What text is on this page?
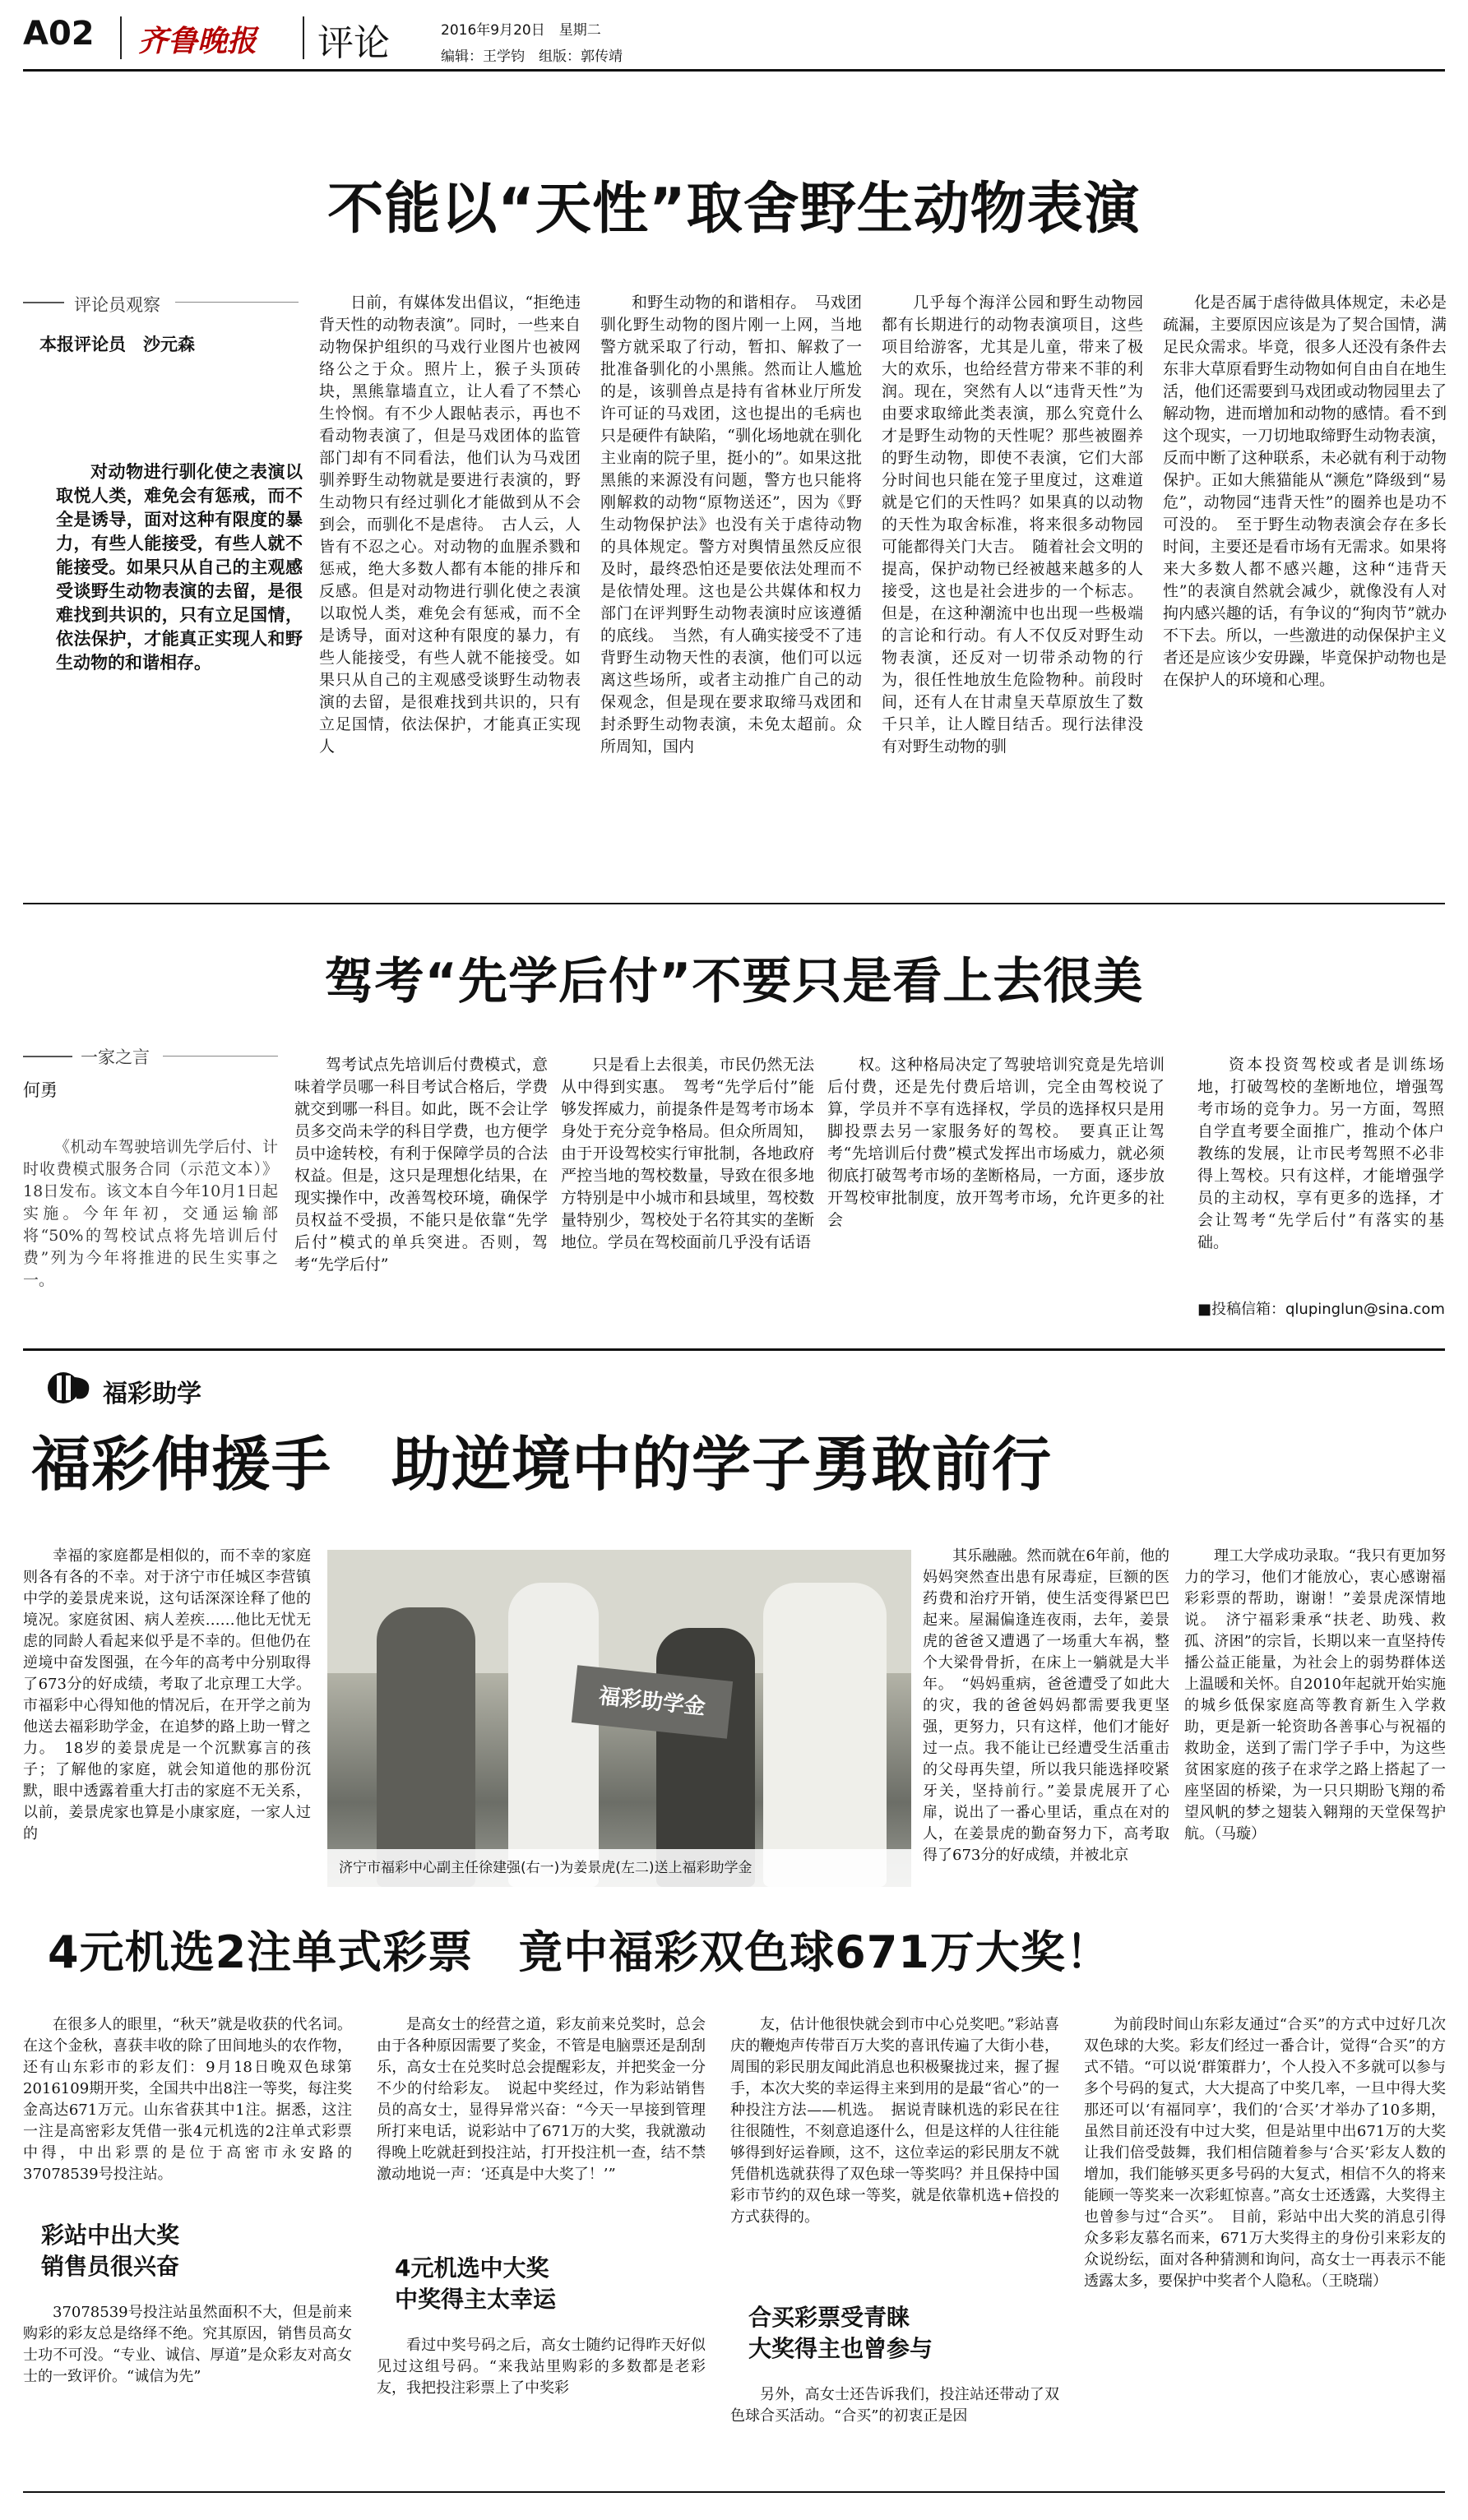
A02 齐鲁晚报 评论	2016年9月20日　星期二
编辑：王学钧　组版：郭传靖
不能以“天性”取舍野生动物表演
评论员观察
本报评论员　沙元森
对动物进行驯化使之表演以取悦人类，难免会有惩戒，而不全是诱导，面对这种有限度的暴力，有些人能接受，有些人就不能接受。如果只从自己的主观感受谈野生动物表演的去留，是很难找到共识的，只有立足国情，依法保护，才能真正实现人和野生动物的和谐相存。
日前，有媒体发出倡议，“拒绝违背天性的动物表演”。同时，一些来自动物保护组织的马戏行业图片也被网络公之于众。照片上，猴子头顶砖块，黑熊靠墙直立，让人看了不禁心生怜悯。有不少人跟帖表示，再也不看动物表演了，但是马戏团体的监管部门却有不同看法，他们认为马戏团驯养野生动物就是要进行表演的，野生动物只有经过驯化才能做到从不会到会，而驯化不是虐待。　古人云，人皆有不忍之心。对动物的血腥杀戮和惩戒，绝大多数人都有本能的排斥和反感。但是对动物进行驯化使之表演以取悦人类，难免会有惩戒，而不全是诱导，面对这种有限度的暴力，有些人能接受，有些人就不能接受。如果只从自己的主观感受谈野生动物表演的去留，是很难找到共识的，只有立足国情，依法保护，才能真正实现人
和野生动物的和谐相存。　马戏团驯化野生动物的图片刚一上网，当地警方就采取了行动，暂扣、解救了一批准备驯化的小黑熊。然而让人尴尬的是，该驯兽点是持有省林业厅所发许可证的马戏团，这也提出的毛病也只是硬件有缺陷，“驯化场地就在驯化主业南的院子里，挺小的”。如果这批黑熊的来源没有问题，警方也只能将刚解救的动物“原物送还”，因为《野生动物保护法》也没有关于虐待动物的具体规定。警方对舆情虽然反应很及时，最终恐怕还是要依法处理而不是依情处理。这也是公共媒体和权力部门在评判野生动物表演时应该遵循的底线。　当然，有人确实接受不了违背野生动物天性的表演，他们可以远离这些场所，或者主动推广自己的动保观念，但是现在要求取缔马戏团和封杀野生动物表演，未免太超前。众所周知，国内
几乎每个海洋公园和野生动物园都有长期进行的动物表演项目，这些项目给游客，尤其是儿童，带来了极大的欢乐，也给经营方带来不菲的利润。现在，突然有人以“违背天性”为由要求取缔此类表演，那么究竟什么才是野生动物的天性呢？那些被圈养的野生动物，即使不表演，它们大部分时间也只能在笼子里度过，这难道就是它们的天性吗？如果真的以动物的天性为取舍标准，将来很多动物园可能都得关门大吉。　随着社会文明的提高，保护动物已经被越来越多的人接受，这也是社会进步的一个标志。但是，在这种潮流中也出现一些极端的言论和行动。有人不仅反对野生动物表演，还反对一切带杀动物的行为，很任性地放生危险物种。前段时间，还有人在甘肃皇天草原放生了数千只羊，让人瞠目结舌。现行法律没有对野生动物的驯
化是否属于虐待做具体规定，未必是疏漏，主要原因应该是为了契合国情，满足民众需求。毕竟，很多人还没有条件去东非大草原看野生动物如何自由自在地生活，他们还需要到马戏团或动物园里去了解动物，进而增加和动物的感情。看不到这个现实，一刀切地取缔野生动物表演，反而中断了这种联系，未必就有利于动物保护。正如大熊猫能从“濒危”降级到“易危”，动物园“违背天性”的圈养也是功不可没的。　至于野生动物表演会存在多长时间，主要还是看市场有无需求。如果将来大多数人都不感兴趣，这种“违背天性”的表演自然就会减少，就像没有人对拘内感兴趣的话，有争议的“狗肉节”就办不下去。所以，一些激进的动保保护主义者还是应该少安毋躁，毕竟保护动物也是在保护人的环境和心理。
驾考“先学后付”不要只是看上去很美
一家之言
何勇
《机动车驾驶培训先学后付、计时收费模式服务合同（示范文本）》18日发布。该文本自今年10月1日起实施。今年年初，交通运输部将“50%的驾校试点将先培训后付费”列为今年将推进的民生实事之一。
驾考试点先培训后付费模式，意味着学员哪一科目考试合格后，学费就交到哪一科目。如此，既不会让学员多交尚未学的科目学费，也方便学员中途转校，有利于保障学员的合法权益。但是，这只是理想化结果，在现实操作中，改善驾校环境，确保学员权益不受损，不能只是依靠“先学后付”模式的单兵突进。否则，驾考“先学后付”
只是看上去很美，市民仍然无法从中得到实惠。　驾考“先学后付”能够发挥威力，前提条件是驾考市场本身处于充分竞争格局。但众所周知，由于开设驾校实行审批制，各地政府严控当地的驾校数量，导致在很多地方特别是中小城市和县域里，驾校数量特别少，驾校处于名符其实的垄断地位。学员在驾校面前几乎没有话语
权。这种格局决定了驾驶培训究竟是先培训后付费，还是先付费后培训，完全由驾校说了算，学员并不享有选择权，学员的选择权只是用脚投票去另一家服务好的驾校。　要真正让驾考“先培训后付费”模式发挥出市场威力，就必须彻底打破驾考市场的垄断格局，一方面，逐步放开驾校审批制度，放开驾考市场，允许更多的社会
资本投资驾校或者是训练场地，打破驾校的垄断地位，增强驾考市场的竞争力。另一方面，驾照自学直考要全面推广，推动个体户教练的发展，让市民考驾照不必非得上驾校。只有这样，才能增强学员的主动权，享有更多的选择，才会让驾考“先学后付”有落实的基础。
■投稿信箱：qlupinglun@sina.com
福彩助学
福彩伸援手　助逆境中的学子勇敢前行
幸福的家庭都是相似的，而不幸的家庭则各有各的不幸。对于济宁市任城区李营镇中学的姜景虎来说，这句话深深诠释了他的境况。家庭贫困、病人差疾……他比无忧无虑的同龄人看起来似乎是不幸的。但他仍在逆境中奋发图强，在今年的高考中分别取得了673分的好成绩，考取了北京理工大学。市福彩中心得知他的情况后，在开学之前为他送去福彩助学金，在追梦的路上助一臂之力。　18岁的姜景虎是一个沉默寡言的孩子；了解他的家庭，就会知道他的那份沉默，眼中透露着重大打击的家庭不无关系，以前，姜景虎家也算是小康家庭，一家人过的
福彩助学金
济宁市福彩中心副主任徐建强(右一)为姜景虎(左二)送上福彩助学金
其乐融融。然而就在6年前，他的妈妈突然查出患有尿毒症，巨额的医药费和治疗开销，使生活变得紧巴巴起来。屋漏偏逢连夜雨，去年，姜景虎的爸爸又遭遇了一场重大车祸，整个大梁骨骨折，在床上一躺就是大半年。　“妈妈重病，爸爸遭受了如此大的灾，我的爸爸妈妈都需要我更坚强，更努力，只有这样，他们才能好过一点。我不能让已经遭受生活重击的父母再失望，所以我只能选择咬紧牙关，坚持前行。”姜景虎展开了心扉，说出了一番心里话，重点在对的人，在姜景虎的勤奋努力下，高考取得了673分的好成绩，并被北京
理工大学成功录取。“我只有更加努力的学习，他们才能放心，衷心感谢福彩彩票的帮助，谢谢！”姜景虎深情地说。　济宁福彩秉承“扶老、助残、救孤、济困”的宗旨，长期以来一直坚持传播公益正能量，为社会上的弱势群体送上温暖和关怀。自2010年起就开始实施的城乡低保家庭高等教育新生入学救助，更是新一轮资助各善事心与祝福的救助金，送到了需门学子手中，为这些贫困家庭的孩子在求学之路上搭起了一座坚固的桥梁，为一只只期盼飞翔的希望风帆的梦之翅装入翱翔的天堂保驾护航。（马璇）
4元机选2注单式彩票　竟中福彩双色球671万大奖！
在很多人的眼里，“秋天”就是收获的代名词。在这个金秋，喜获丰收的除了田间地头的农作物，还有山东彩市的彩友们：9月18日晚双色球第2016109期开奖，全国共中出8注一等奖，每注奖金高达671万元。山东省获其中1注。据悉，这注一注是高密彩友凭借一张4元机选的2注单式彩票中得，中出彩票的是位于高密市永安路的37078539号投注站。
彩站中出大奖
销售员很兴奋
37078539号投注站虽然面积不大，但是前来购彩的彩友总是络绎不绝。究其原因，销售员高女士功不可没。“专业、诚信、厚道”是众彩友对高女士的一致评价。“诚信为先”
是高女士的经营之道，彩友前来兑奖时，总会由于各种原因需要了奖金，不管是电脑票还是刮刮乐，高女士在兑奖时总会提醒彩友，并把奖金一分不少的付给彩友。　说起中奖经过，作为彩站销售员的高女士，显得异常兴奋：“今天一早接到管理所打来电话，说彩站中了671万的大奖，我就激动得晚上吃就赶到投注站，打开投注机一查，结不禁激动地说一声：‘还真是中大奖了！’”
4元机选中大奖
中奖得主太幸运
看过中奖号码之后，高女士随约记得昨天好似见过这组号码。“来我站里购彩的多数都是老彩友，我把投注彩票上了中奖彩
友，估计他很快就会到市中心兑奖吧。”彩站喜庆的鞭炮声传带百万大奖的喜讯传遍了大街小巷，周围的彩民朋友闻此消息也积极聚拢过来，握了握手，本次大奖的幸运得主来到用的是最“省心”的一种投注方法——机选。　据说青睐机选的彩民在往往很随性，不刻意追逐什么，但是这样的人往往能够得到好运眷顾，这不，这位幸运的彩民朋友不就凭借机选就获得了双色球一等奖吗？并且保持中国彩市节约的双色球一等奖，就是依靠机选+倍投的方式获得的。
合买彩票受青睐
大奖得主也曾参与
另外，高女士还告诉我们，投注站还带动了双色球合买活动。“合买”的初衷正是因
为前段时间山东彩友通过“合买”的方式中过好几次双色球的大奖。彩友们经过一番合计，觉得“合买”的方式不错。“可以说‘群策群力’，个人投入不多就可以参与多个号码的复式，大大提高了中奖几率，一旦中得大奖那还可以‘有福同享’，我们的‘合买’才举办了10多期，虽然目前还没有中过大奖，但是站里中出671万的大奖让我们倍受鼓舞，我们相信随着参与‘合买’彩友人数的增加，我们能够买更多号码的大复式，相信不久的将来能顾一等奖来一次彩虹惊喜。”高女士还透露，大奖得主也曾参与过“合买”。　目前，彩站中出大奖的消息引得众多彩友慕名而来，671万大奖得主的身份引来彩友的众说纷纭，面对各种猜测和询问，高女士一再表示不能透露太多，要保护中奖者个人隐私。（王晓瑞）
